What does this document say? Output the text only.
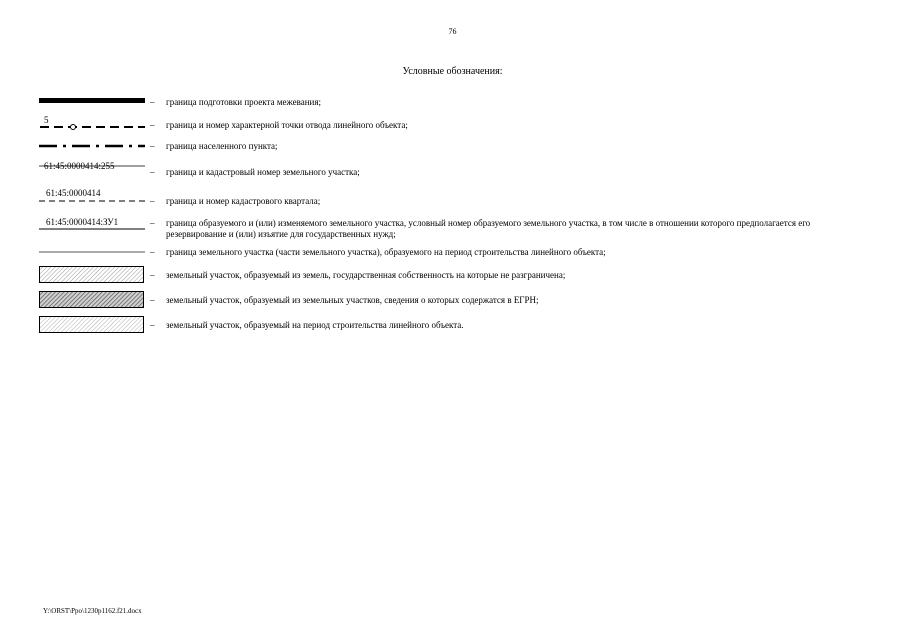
76
Условные обозначения:
– граница подготовки проекта межевания;
5	– граница и номер характерной точки отвода линейного объекта;
– граница населенного пункта;
61:45:0000414:255
– граница и кадастровый номер земельного участка;
61:45:0000414
– граница и номер кадастрового квартала;
61:45:0000414:ЗУ1	– граница образуемого и (или) изменяемого земельного участка, условный номер образуемого земельного участка, в том числе в отношении которого предполагается его резервирование и (или) изъятие для государственных нужд;
– граница земельного участка (части земельного участка), образуемого на период строительства линейного объекта;
– земельный участок, образуемый из земель, государственная собственность на которые не разграничена;
– земельный участок, образуемый из земельных участков, сведения о которых содержатся в ЕГРН;
– земельный участок, образуемый на период строительства линейного объекта.
Y:\ORST\Ppo\1230p1162.f21.docx
